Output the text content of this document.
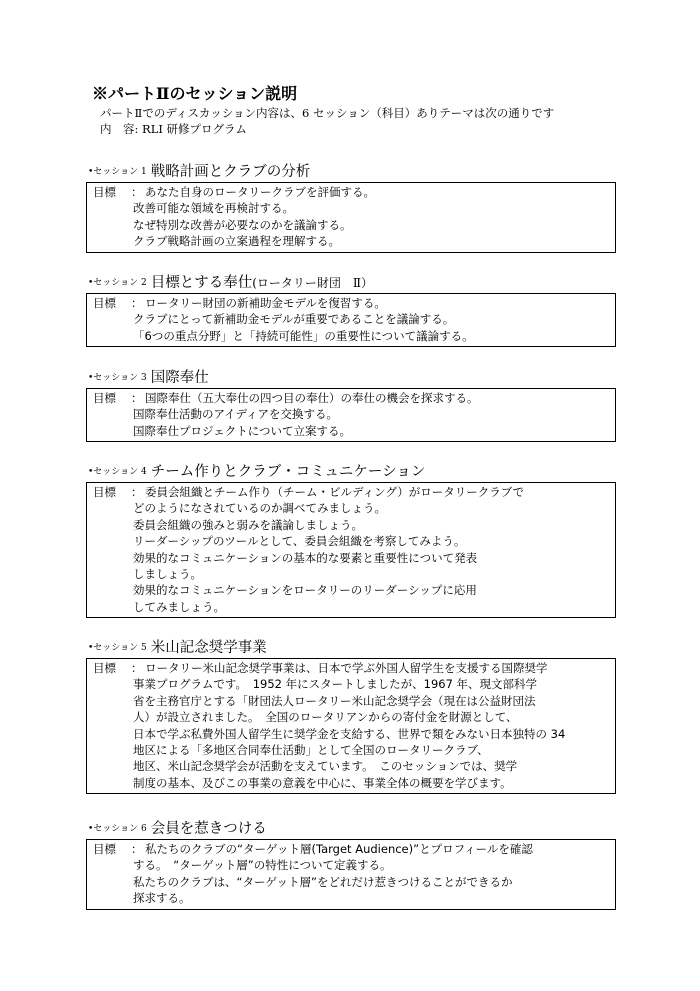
※パートⅡのセッション説明
パートⅡでのディスカッション内容は、6 セッション（科目）ありテーマは次の通りです
内　容: RLI 研修プログラム
•セッション 1 戦略計画とクラブの分析
目標	： あなた自身のロータリークラブを評価する。
改善可能な領域を再検討する。
なぜ特別な改善が必要なのかを議論する。
クラブ戦略計画の立案過程を理解する。
•セッション 2 目標とする奉仕(ロータリー財団　Ⅱ）
目標	： ロータリー財団の新補助金モデルを復習する。
クラブにとって新補助金モデルが重要であることを議論する。
「6つの重点分野」と「持続可能性」の重要性について議論する。
•セッション 3 国際奉仕
目標	： 国際奉仕（五大奉仕の四つ目の奉仕）の奉仕の機会を探求する。
国際奉仕活動のアイディアを交換する。
国際奉仕プロジェクトについて立案する。
•セッション 4 チーム作りとクラブ・コミュニケーション
目標	： 委員会組織とチーム作り（チーム・ビルディング）がロータリークラブで
どのようになされているのか調べてみましょう。
委員会組織の強みと弱みを議論しましょう。
リーダーシップのツールとして、委員会組織を考察してみよう。
効果的なコミュニケーションの基本的な要素と重要性について発表
しましょう。
効果的なコミュニケーションをロータリーのリーダーシップに応用
してみましょう。
•セッション 5 米山記念奨学事業
目標	： ロータリー米山記念奨学事業は、日本で学ぶ外国人留学生を支援する国際奨学
事業プログラムです。　1952 年にスタートしましたが、1967 年、現文部科学
省を主務官庁とする「財団法人ロータリー米山記念奨学会（現在は公益財団法
人）が設立されました。　全国のロータリアンからの寄付金を財源として、
日本で学ぶ私費外国人留学生に奨学金を支給する、世界で類をみない日本独特の 34
地区による「多地区合同奉仕活動」として全国のロータリークラブ、
地区、米山記念奨学会が活動を支えています。　このセッションでは、奨学
制度の基本、及びこの事業の意義を中心に、事業全体の概要を学びます。
•セッション 6 会員を惹きつける
目標	： 私たちのクラブの“ターゲット層(Target Audience)”とプロフィールを確認
する。　“ターゲット層”の特性について定義する。
私たちのクラブは、“ターゲット層”をどれだけ惹きつけることができるか
探求する。
